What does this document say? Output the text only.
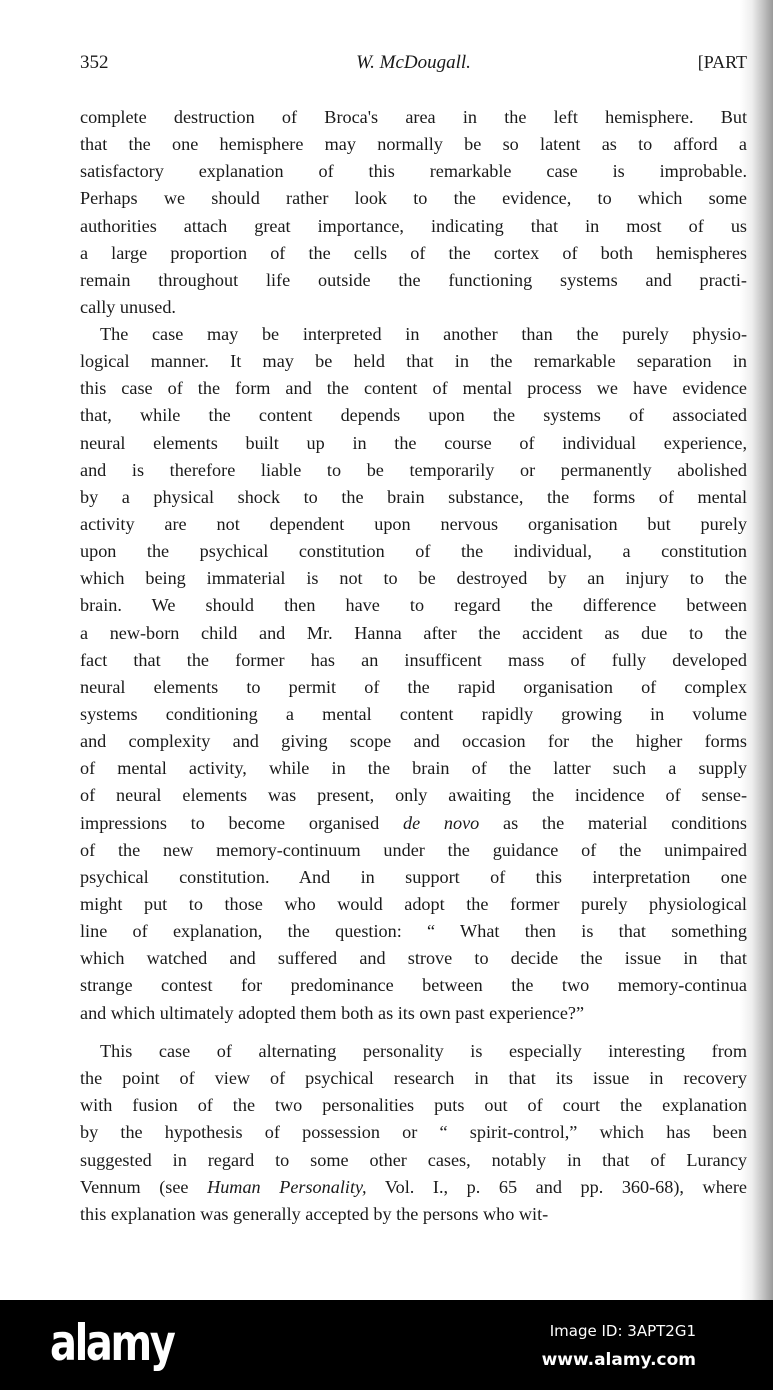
352	W. McDougall.	[PART
complete destruction of Broca's area in the left hemisphere. But
that the one hemisphere may normally be so latent as to afford a
satisfactory explanation of this remarkable case is improbable.
Perhaps we should rather look to the evidence, to which some
authorities attach great importance, indicating that in most of us
a large proportion of the cells of the cortex of both hemispheres
remain throughout life outside the functioning systems and practi-
cally unused.
The case may be interpreted in another than the purely physio-
logical manner. It may be held that in the remarkable separation in
this case of the form and the content of mental process we have evidence
that, while the content depends upon the systems of associated
neural elements built up in the course of individual experience,
and is therefore liable to be temporarily or permanently abolished
by a physical shock to the brain substance, the forms of mental
activity are not dependent upon nervous organisation but purely
upon the psychical constitution of the individual, a constitution
which being immaterial is not to be destroyed by an injury to the
brain. We should then have to regard the difference between
a new-born child and Mr. Hanna after the accident as due to the
fact that the former has an insufficent mass of fully developed
neural elements to permit of the rapid organisation of complex
systems conditioning a mental content rapidly growing in volume
and complexity and giving scope and occasion for the higher forms
of mental activity, while in the brain of the latter such a supply
of neural elements was present, only awaiting the incidence of sense-
impressions to become organised de novo as the material conditions
of the new memory-continuum under the guidance of the unimpaired
psychical constitution. And in support of this interpretation one
might put to those who would adopt the former purely physiological
line of explanation, the question: “ What then is that something
which watched and suffered and strove to decide the issue in that
strange contest for predominance between the two memory-continua
and which ultimately adopted them both as its own past experience?”
This case of alternating personality is especially interesting from
the point of view of psychical research in that its issue in recovery
with fusion of the two personalities puts out of court the explanation
by the hypothesis of possession or “ spirit-control,” which has been
suggested in regard to some other cases, notably in that of Lurancy
Vennum (see Human Personality, Vol. I., p. 65 and pp. 360-68), where
this explanation was generally accepted by the persons who wit-
alamy	Image ID: 3APT2G1
www.alamy.com
